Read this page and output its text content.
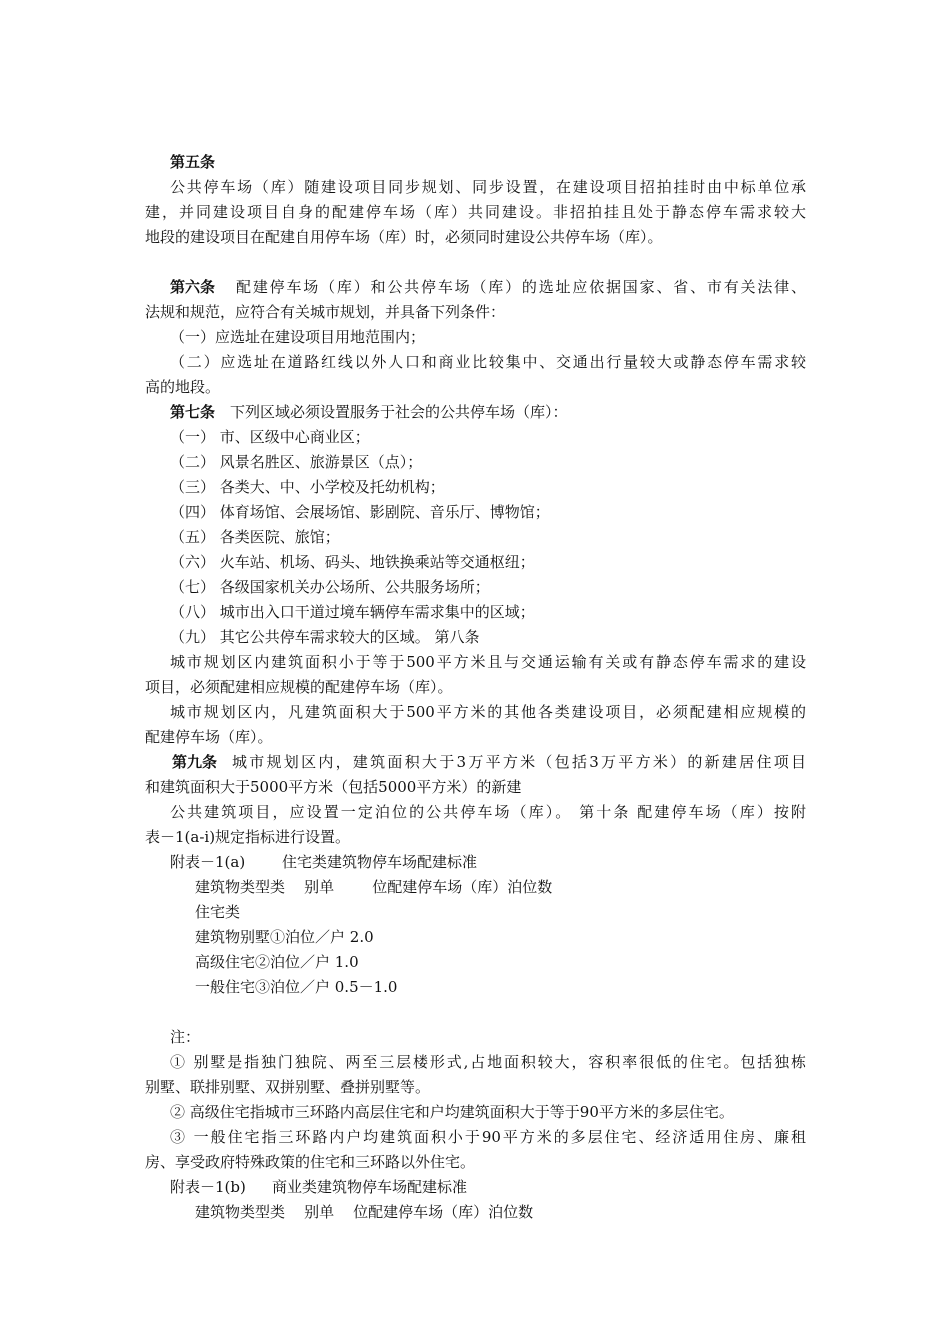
第五条
公共停车场（库）随建设项目同步规划、同步设置，在建设项目招拍挂时由中标单位承
建，并同建设项目自身的配建停车场（库）共同建设。非招拍挂且处于静态停车需求较大
地段的建设项目在配建自用停车场（库）时，必须同时建设公共停车场（库）。
第六条 配建停车场（库）和公共停车场（库）的选址应依据国家、省、市有关法律、
法规和规范，应符合有关城市规划，并具备下列条件：
（一）应选址在建设项目用地范围内；
（二）应选址在道路红线以外人口和商业比较集中、交通出行量较大或静态停车需求较
高的地段。
第七条 下列区域必须设置服务于社会的公共停车场（库）：
（一） 市、区级中心商业区；
（二） 风景名胜区、旅游景区（点）；
（三） 各类大、中、小学校及托幼机构；
（四） 体育场馆、会展场馆、影剧院、音乐厅、博物馆；
（五） 各类医院、旅馆；
（六） 火车站、机场、码头、地铁换乘站等交通枢纽；
（七） 各级国家机关办公场所、公共服务场所；
（八） 城市出入口干道过境车辆停车需求集中的区域；
（九） 其它公共停车需求较大的区域。 第八条
城市规划区内建筑面积小于等于500平方米且与交通运输有关或有静态停车需求的建设
项目，必须配建相应规模的配建停车场（库）。
城市规划区内，凡建筑面积大于500平方米的其他各类建设项目，必须配建相应规模的
配建停车场（库）。
第九条 城市规划区内，建筑面积大于3万平方米（包括3万平方米）的新建居住项目
和建筑面积大于5000平方米（包括5000平方米）的新建
公共建筑项目，应设置一定泊位的公共停车场（库）。 第十条 配建停车场（库）按附
表－1(a-i)规定指标进行设置。
附表－1(a) 住宅类建筑物停车场配建标准
建筑物类型类    别单        位配建停车场（库）泊位数
住宅类
建筑物别墅①泊位／户 2.0
高级住宅②泊位／户 1.0
一般住宅③泊位／户 0.5－1.0
注：
① 别墅是指独门独院、两至三层楼形式,占地面积较大，容积率很低的住宅。包括独栋
别墅、联排别墅、双拼别墅、叠拼别墅等。
② 高级住宅指城市三环路内高层住宅和户均建筑面积大于等于90平方米的多层住宅。
③ 一般住宅指三环路内户均建筑面积小于90平方米的多层住宅、经济适用住房、廉租
房、享受政府特殊政策的住宅和三环路以外住宅。
附表－1(b) 商业类建筑物停车场配建标准
建筑物类型类    别单    位配建停车场（库）泊位数
